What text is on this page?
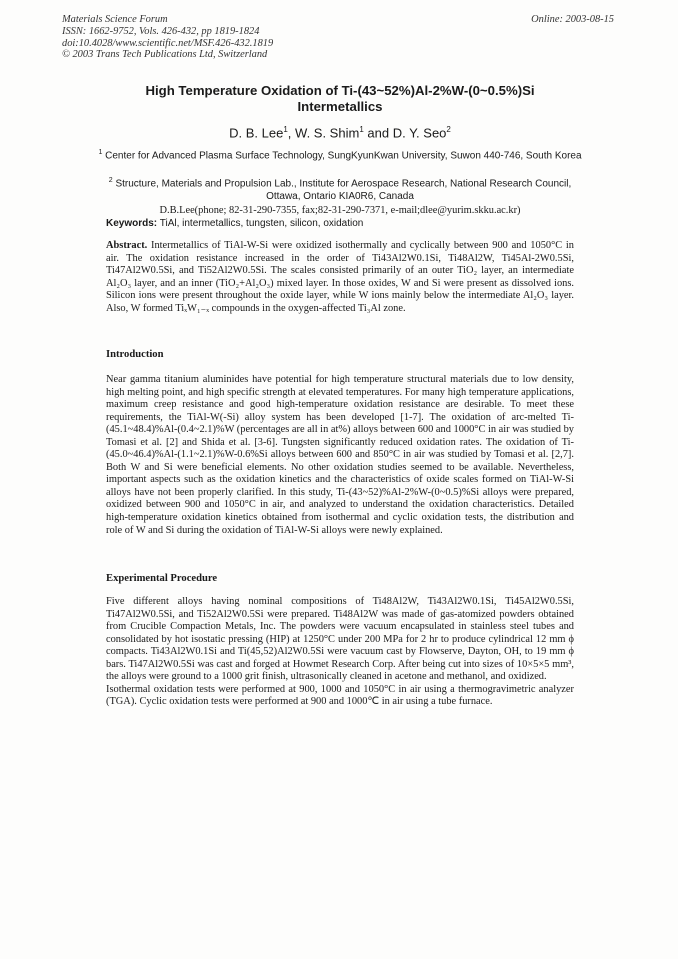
Materials Science Forum
ISSN: 1662-9752, Vols. 426-432, pp 1819-1824
doi:10.4028/www.scientific.net/MSF.426-432.1819
© 2003 Trans Tech Publications Ltd, Switzerland
Online: 2003-08-15
High Temperature Oxidation of Ti-(43~52%)Al-2%W-(0~0.5%)Si Intermetallics
D. B. Lee$^1$, W. S. Shim$^1$ and D. Y. Seo$^2$
$^1$ Center for Advanced Plasma Surface Technology, SungKyunKwan University, Suwon 440-746, South Korea
$^2$ Structure, Materials and Propulsion Lab., Institute for Aerospace Research, National Research Council, Ottawa, Ontario KIA0R6, Canada
D.B.Lee(phone; 82-31-290-7355, fax;82-31-290-7371, e-mail;dlee@yurim.skku.ac.kr)
Keywords: TiAl, intermetallics, tungsten, silicon, oxidation
Abstract. Intermetallics of TiAl-W-Si were oxidized isothermally and cyclically between 900 and 1050°C in air. The oxidation resistance increased in the order of Ti43Al2W0.1Si, Ti48Al2W, Ti45Al-2W0.5Si, Ti47Al2W0.5Si, and Ti52Al2W0.5Si. The scales consisted primarily of an outer TiO₂ layer, an intermediate Al₂O₃ layer, and an inner (TiO₂+Al₂O₃) mixed layer. In those oxides, W and Si were present as dissolved ions. Silicon ions were present throughout the oxide layer, while W ions mainly below the intermediate Al₂O₃ layer. Also, W formed TiₓW₁₋ₓ compounds in the oxygen-affected Ti₃Al zone.
Introduction
Near gamma titanium aluminides have potential for high temperature structural materials due to low density, high melting point, and high specific strength at elevated temperatures. For many high temperature applications, maximum creep resistance and good high-temperature oxidation resistance are desirable. To meet these requirements, the TiAl-W(-Si) alloy system has been developed [1-7]. The oxidation of arc-melted Ti-(45.1~48.4)%Al-(0.4~2.1)%W (percentages are all in at%) alloys between 600 and 1000°C in air was studied by Tomasi et al. [2] and Shida et al. [3-6]. Tungsten significantly reduced oxidation rates. The oxidation of Ti-(45.0~46.4)%Al-(1.1~2.1)%W-0.6%Si alloys between 600 and 850°C in air was studied by Tomasi et al. [2,7]. Both W and Si were beneficial elements. No other oxidation studies seemed to be available. Nevertheless, important aspects such as the oxidation kinetics and the characteristics of oxide scales formed on TiAl-W-Si alloys have not been properly clarified. In this study, Ti-(43~52)%Al-2%W-(0~0.5)%Si alloys were prepared, oxidized between 900 and 1050°C in air, and analyzed to understand the oxidation characteristics. Detailed high-temperature oxidation kinetics obtained from isothermal and cyclic oxidation tests, the distribution and role of W and Si during the oxidation of TiAl-W-Si alloys were newly explained.
Experimental Procedure
Five different alloys having nominal compositions of Ti48Al2W, Ti43Al2W0.1Si, Ti45Al2W0.5Si, Ti47Al2W0.5Si, and Ti52Al2W0.5Si were prepared. Ti48Al2W was made of gas-atomized powders obtained from Crucible Compaction Metals, Inc. The powders were vacuum encapsulated in stainless steel tubes and consolidated by hot isostatic pressing (HIP) at 1250°C under 200 MPa for 2 hr to produce cylindrical 12 mm ϕ compacts. Ti43Al2W0.1Si and Ti(45,52)Al2W0.5Si were vacuum cast by Flowserve, Dayton, OH, to 19 mm ϕ bars. Ti47Al2W0.5Si was cast and forged at Howmet Research Corp. After being cut into sizes of 10×5×5 mm³, the alloys were ground to a 1000 grit finish, ultrasonically cleaned in acetone and methanol, and oxidized.
Isothermal oxidation tests were performed at 900, 1000 and 1050°C in air using a thermogravimetric analyzer (TGA). Cyclic oxidation tests were performed at 900 and 1000℃ in air using a tube furnace.
